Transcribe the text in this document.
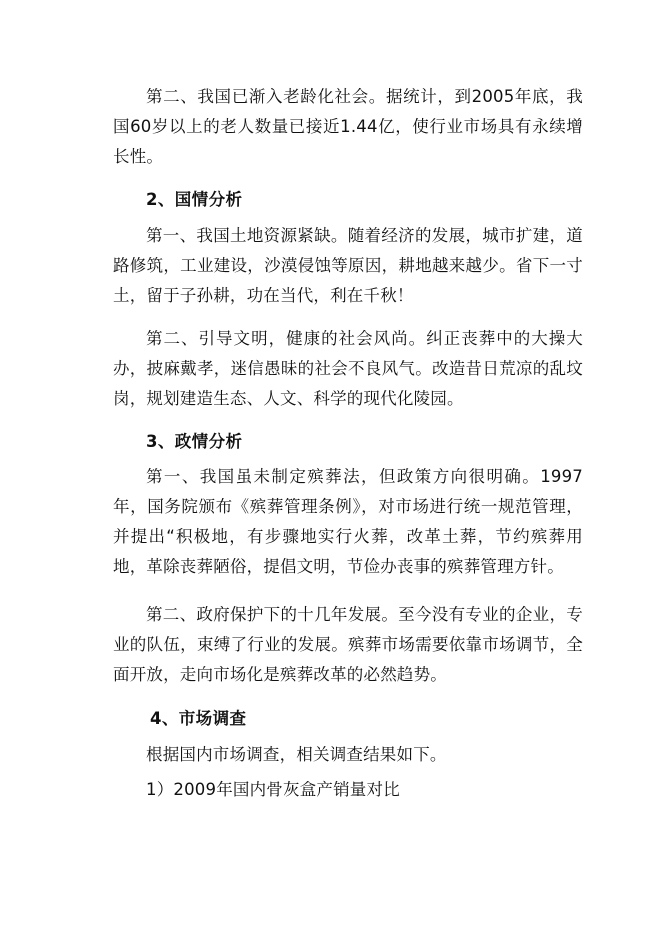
第二、我国已渐入老龄化社会。据统计，到2005年底，我国60岁以上的老人数量已接近1.44亿，使行业市场具有永续增长性。

2、国情分析

第一、我国土地资源紧缺。随着经济的发展，城市扩建，道路修筑，工业建设，沙漠侵蚀等原因，耕地越来越少。省下一寸土，留于子孙耕，功在当代，利在千秋！

第二、引导文明，健康的社会风尚。纠正丧葬中的大操大办，披麻戴孝，迷信愚昧的社会不良风气。改造昔日荒凉的乱坟岗，规划建造生态、人文、科学的现代化陵园。

3、政情分析

第一、我国虽未制定殡葬法，但政策方向很明确。1997年，国务院颁布《殡葬管理条例》，对市场进行统一规范管理，并提出“积极地，有步骤地实行火葬，改革土葬，节约殡葬用地，革除丧葬陋俗，提倡文明，节俭办丧事的殡葬管理方针。

第二、政府保护下的十几年发展。至今没有专业的企业，专业的队伍，束缚了行业的发展。殡葬市场需要依靠市场调节，全面开放，走向市场化是殡葬改革的必然趋势。

4、市场调查

根据国内市场调查，相关调查结果如下。

1）2009年国内骨灰盒产销量对比
